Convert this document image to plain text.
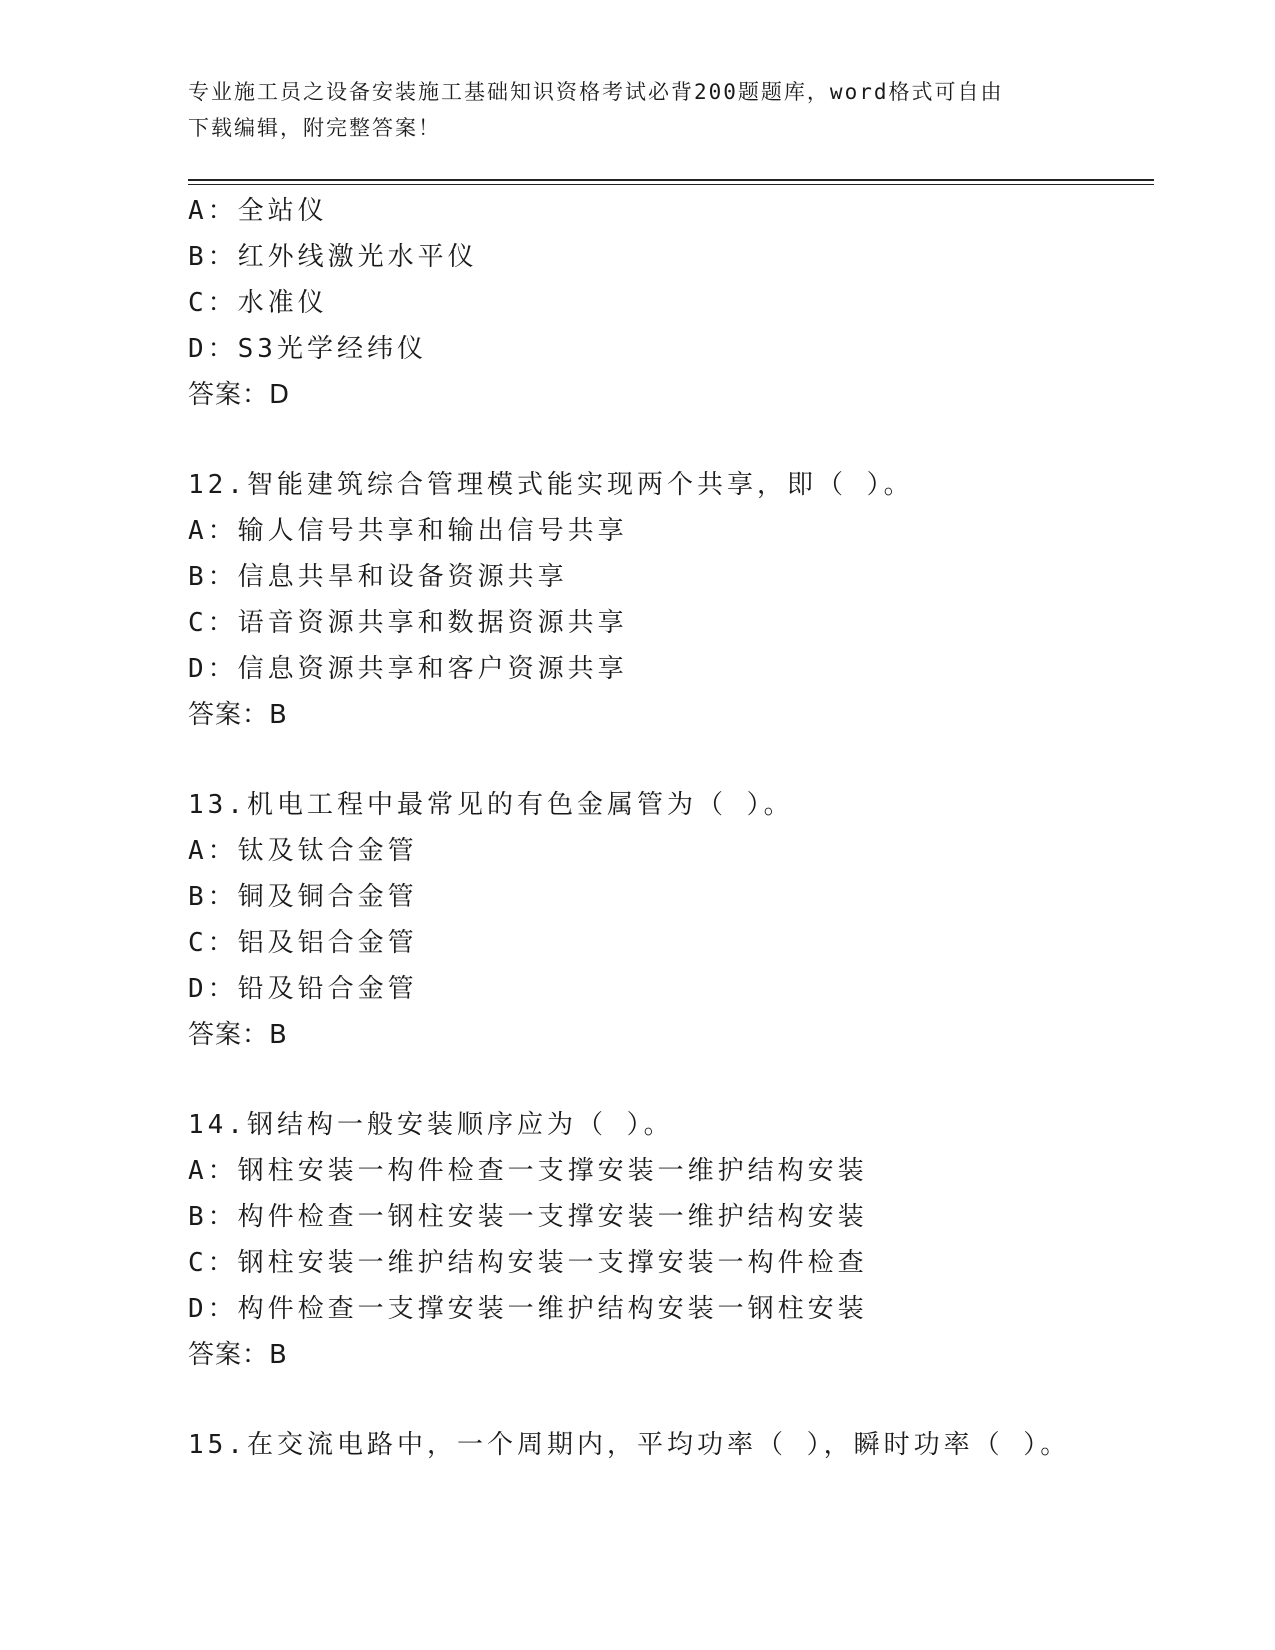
专业施工员之设备安装施工基础知识资格考试必背200题题库，word格式可自由
下载编辑，附完整答案！
A：全站仪
B：红外线激光水平仪
C：水准仪
D：S3光学经纬仪
答案：D
12.智能建筑综合管理模式能实现两个共享，即（ ）。
A：输人信号共享和输出信号共享
B：信息共旱和设备资源共享
C：语音资源共享和数据资源共享
D：信息资源共享和客户资源共享
答案：B
13.机电工程中最常见的有色金属管为（ ）。
A：钛及钛合金管
B：铜及铜合金管
C：铝及铝合金管
D：铅及铅合金管
答案：B
14.钢结构一般安装顺序应为（ ）。
A：钢柱安装一构件检查一支撑安装一维护结构安装
B：构件检查一钢柱安装一支撑安装一维护结构安装
C：钢柱安装一维护结构安装一支撑安装一构件检查
D：构件检查一支撑安装一维护结构安装一钢柱安装
答案：B
15.在交流电路中，一个周期内，平均功率（ ），瞬时功率（ ）。
